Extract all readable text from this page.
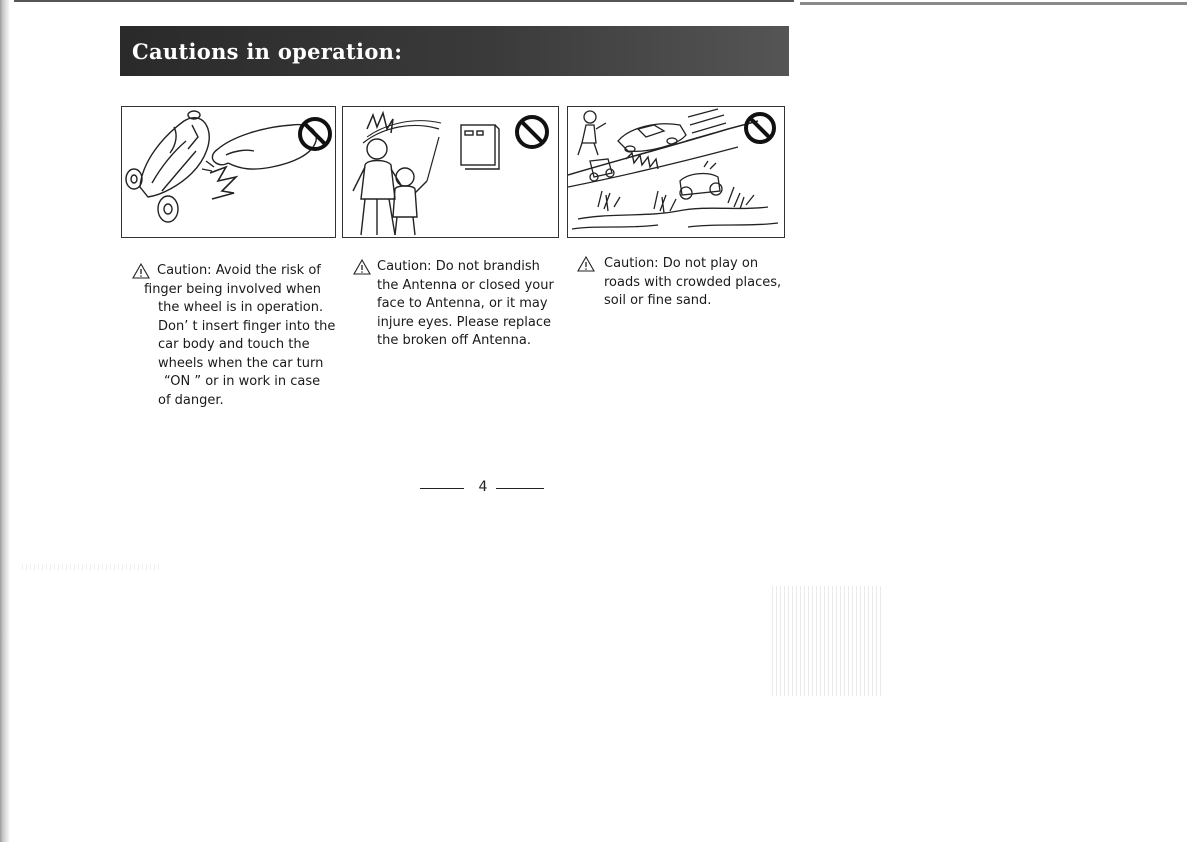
Cautions in operation:
Caution: Avoid the risk of
finger being involved when
the wheel is in operation.
Don’ t insert finger into the
car body and touch the
wheels when the car turn
“ON ” or in work in case
of danger.
Caution: Do not brandish
the Antenna or closed your
face to Antenna, or it may
injure eyes. Please replace
the broken off Antenna.
Caution: Do not play on
roads with crowded places,
soil or fine sand.
4
